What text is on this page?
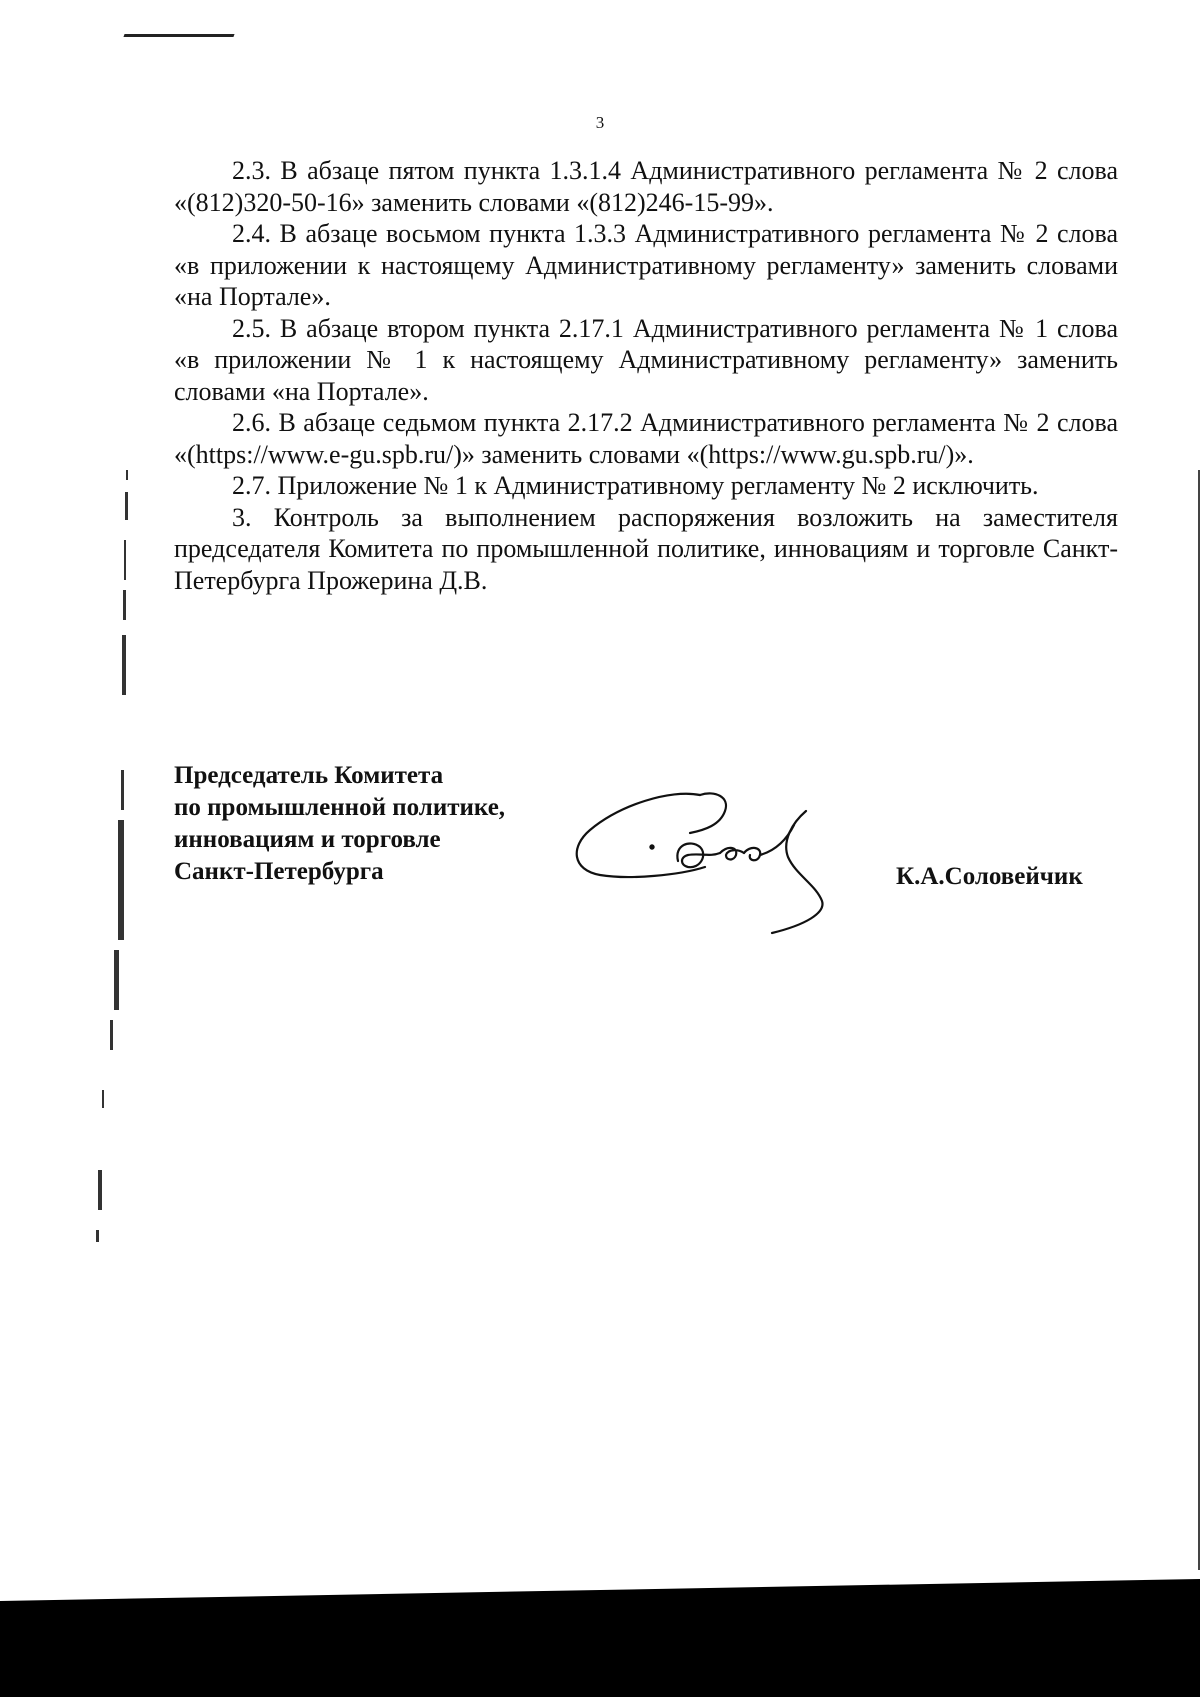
3

2.3. В абзаце пятом пункта 1.3.1.4 Административного регламента № 2 слова «(812)320-50-16» заменить словами «(812)246-15-99».

2.4. В абзаце восьмом пункта 1.3.3 Административного регламента № 2 слова «в приложении к настоящему Административному регламенту» заменить словами «на Портале».

2.5. В абзаце втором пункта 2.17.1 Административного регламента № 1 слова «в приложении № 1 к настоящему Административному регламенту» заменить словами «на Портале».

2.6. В абзаце седьмом пункта 2.17.2 Административного регламента № 2 слова «(https://www.e-gu.spb.ru/)» заменить словами «(https://www.gu.spb.ru/)».

2.7. Приложение № 1 к Административному регламенту № 2 исключить.

3. Контроль за выполнением распоряжения возложить на заместителя председателя Комитета по промышленной политике, инновациям и торговле Санкт-Петербурга Прожерина Д.В.

Председатель Комитета
по промышленной политике,
инновациям и торговле
Санкт-Петербурга	К.А.Соловейчик
